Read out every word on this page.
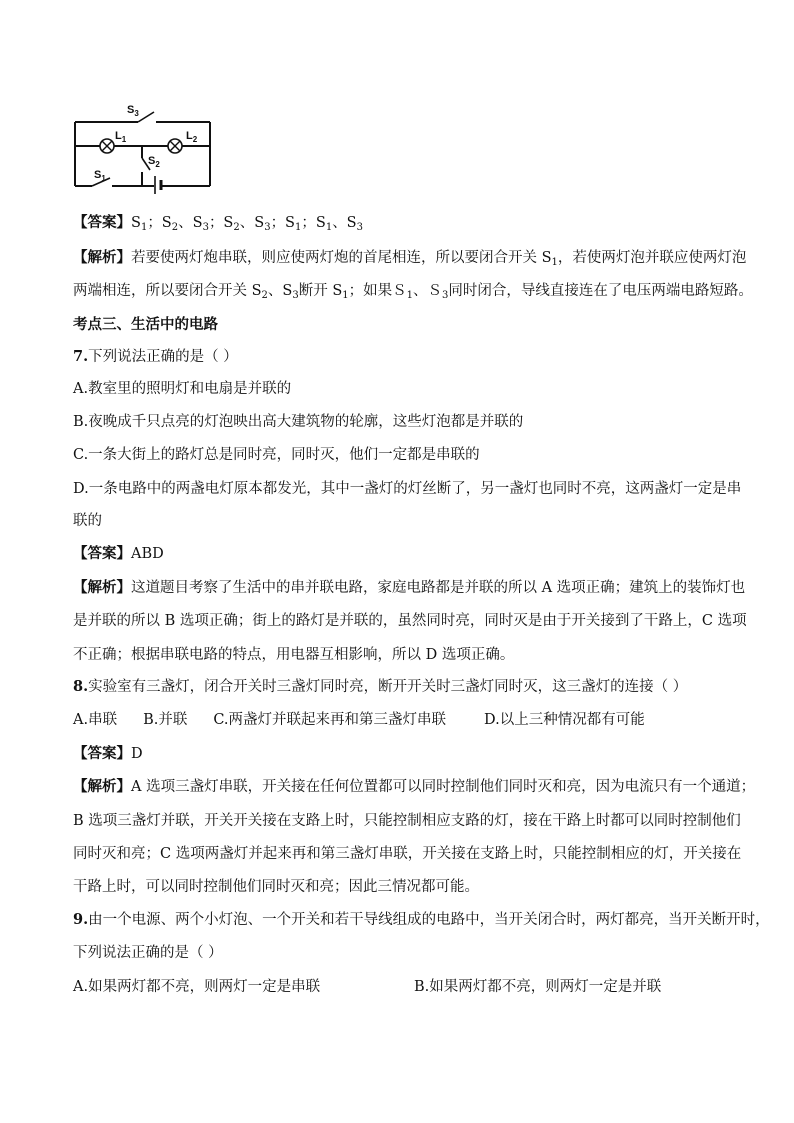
$S_3$
$L_1$	$L_2$
$S_2$
$S_1$
【答案】$S_1$；$S_2$、$S_3$；$S_2$、$S_3$；$S_1$；$S_1$、$S_3$
【解析】若要使两灯炮串联，则应使两灯炮的首尾相连，所以要闭合开关 $S_1$，若使两灯泡并联应使两灯泡
两端相连，所以要闭合开关 $S_2$、$S_3$断开 $S_1$；如果Ｓ$_1$、Ｓ$_3$同时闭合，导线直接连在了电压两端电路短路。
考点三、生活中的电路
7.下列说法正确的是（ ）
A.教室里的照明灯和电扇是并联的
B.夜晚成千只点亮的灯泡映出高大建筑物的轮廓，这些灯泡都是并联的
C.一条大街上的路灯总是同时亮，同时灭，他们一定都是串联的
D.一条电路中的两盏电灯原本都发光，其中一盏灯的灯丝断了，另一盏灯也同时不亮，这两盏灯一定是串
联的
【答案】ABD
【解析】这道题目考察了生活中的串并联电路，家庭电路都是并联的所以 A 选项正确；建筑上的装饰灯也
是并联的所以 B 选项正确；街上的路灯是并联的，虽然同时亮，同时灭是由于开关接到了干路上，C 选项
不正确；根据串联电路的特点，用电器互相影响，所以 D 选项正确。
8.实验室有三盏灯，闭合开关时三盏灯同时亮，断开开关时三盏灯同时灭，这三盏灯的连接（ ）
A.串联 B.并联 C.两盏灯并联起来再和第三盏灯串联	D.以上三种情况都有可能
【答案】D
【解析】A 选项三盏灯串联，开关接在任何位置都可以同时控制他们同时灭和亮，因为电流只有一个通道；
B 选项三盏灯并联，开关开关接在支路上时，只能控制相应支路的灯，接在干路上时都可以同时控制他们
同时灭和亮；C 选项两盏灯并起来再和第三盏灯串联，开关接在支路上时，只能控制相应的灯，开关接在
干路上时，可以同时控制他们同时灭和亮；因此三情况都可能。
9.由一个电源、两个小灯泡、一个开关和若干导线组成的电路中，当开关闭合时，两灯都亮，当开关断开时，
下列说法正确的是（ ）
A.如果两灯都不亮，则两灯一定是串联	B.如果两灯都不亮，则两灯一定是并联
